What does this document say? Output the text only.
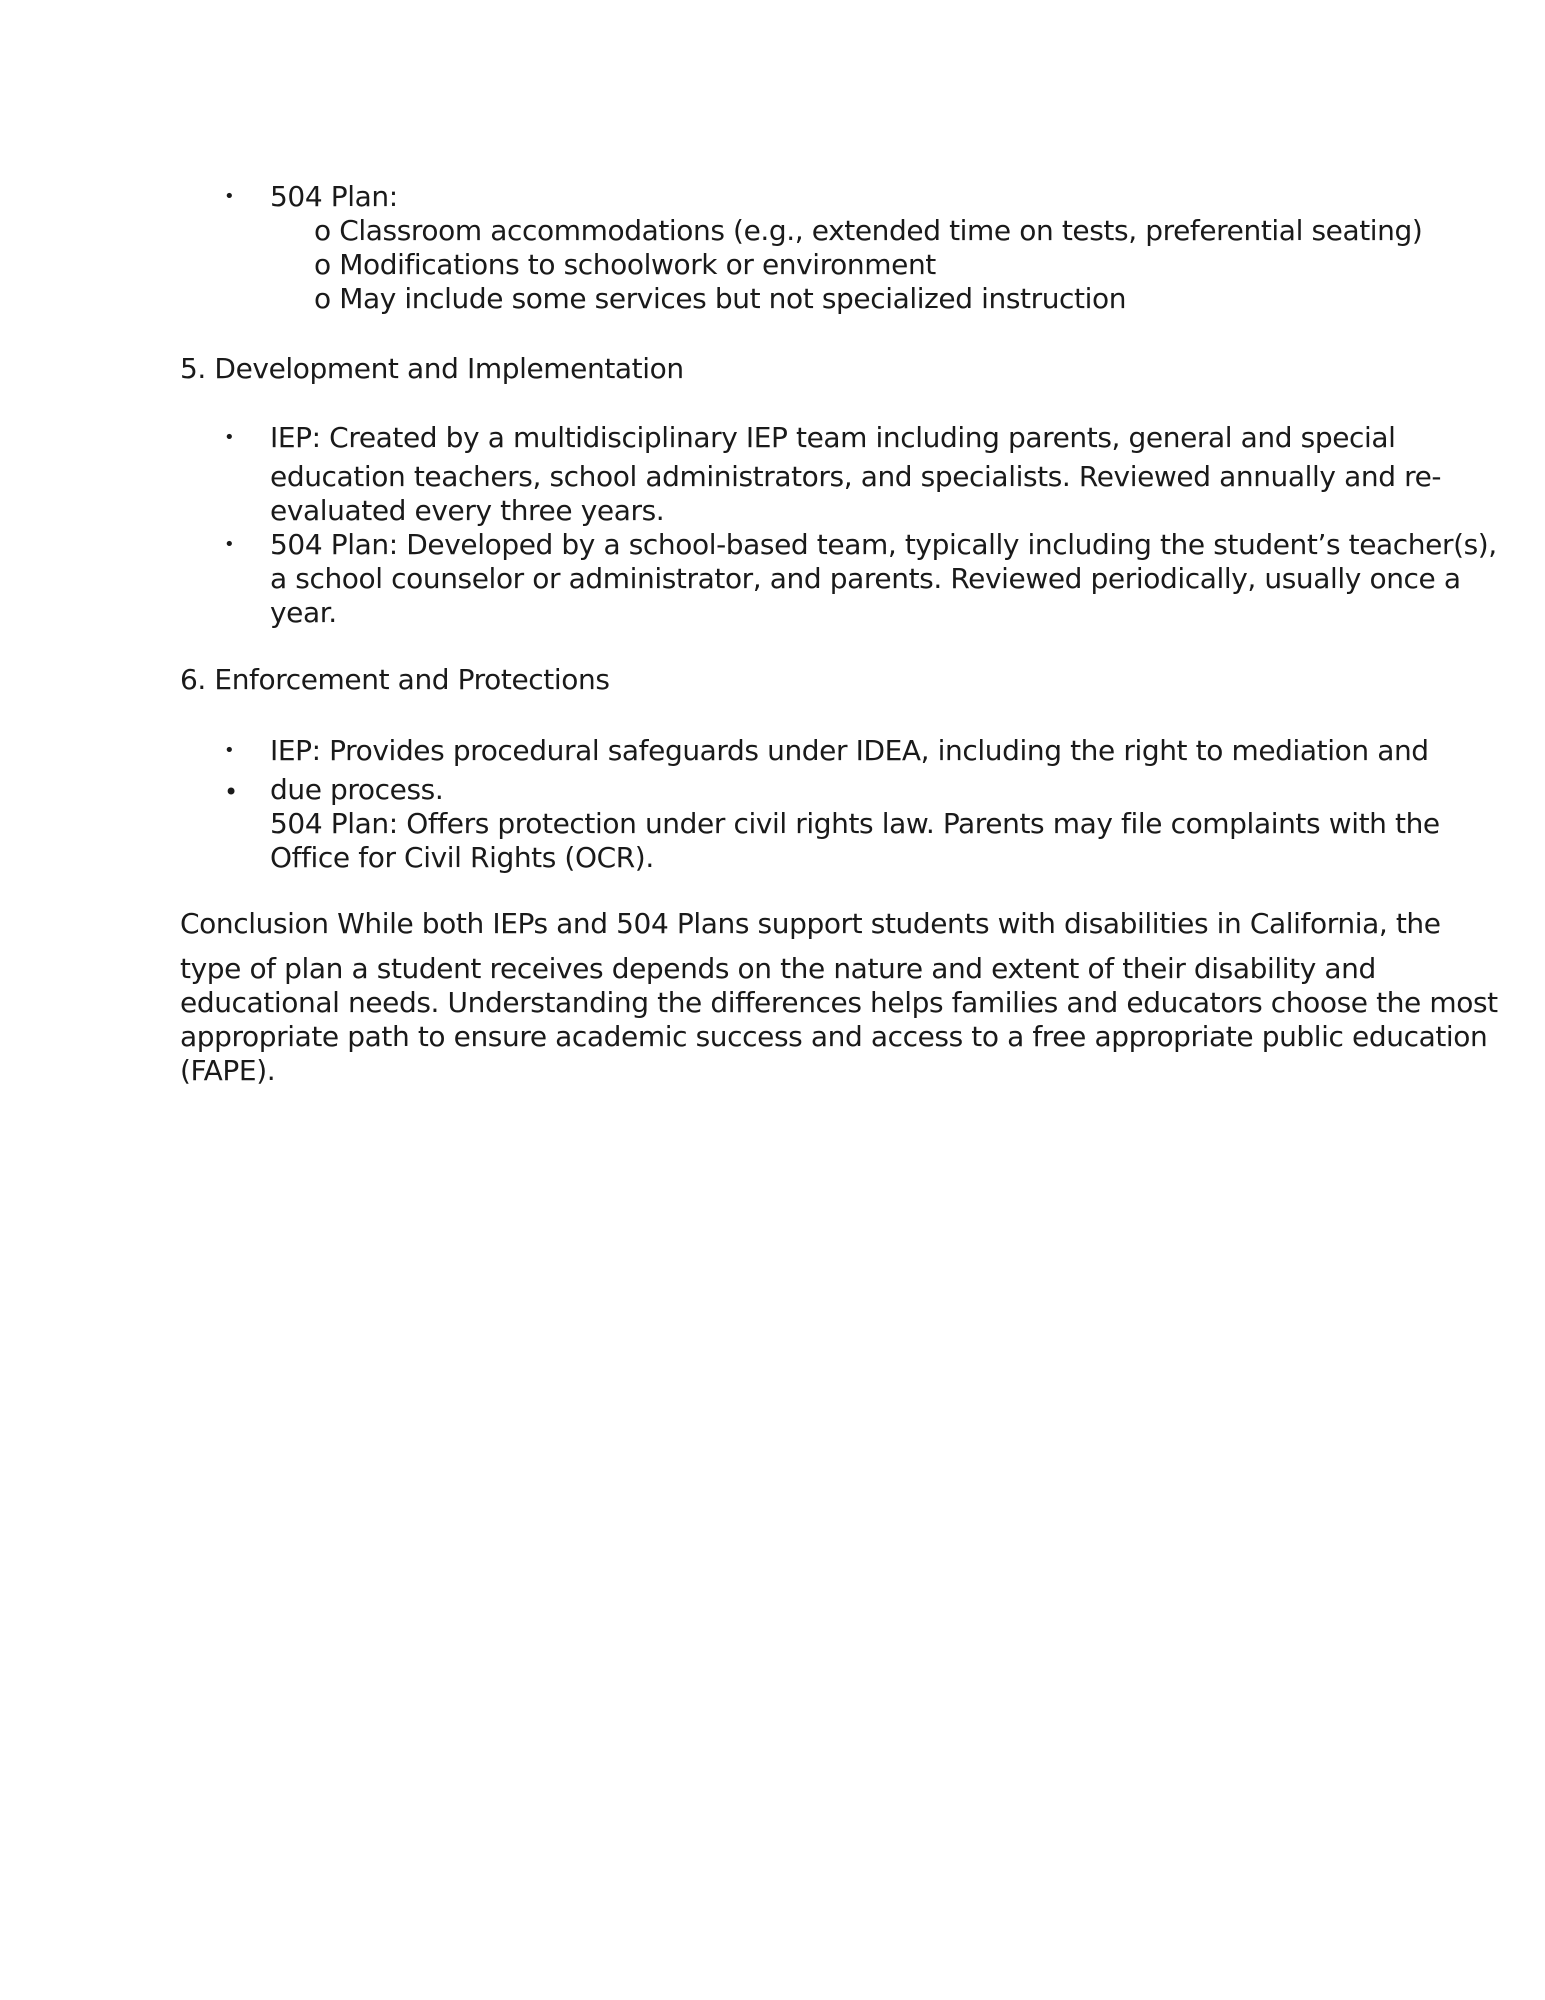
• 504 Plan:
o Classroom accommodations (e.g., extended time on tests, preferential seating)
o Modifications to schoolwork or environment
o May include some services but not specialized instruction
5. Development and Implementation
• IEP: Created by a multidisciplinary IEP team including parents, general and special
education teachers, school administrators, and specialists. Reviewed annually and re-
evaluated every three years.
• 504 Plan: Developed by a school-based team, typically including the student’s teacher(s),
a school counselor or administrator, and parents. Reviewed periodically, usually once a
year.
6. Enforcement and Protections
• IEP: Provides procedural safeguards under IDEA, including the right to mediation and
• due process.
504 Plan: Offers protection under civil rights law. Parents may file complaints with the
Office for Civil Rights (OCR).
Conclusion While both IEPs and 504 Plans support students with disabilities in California, the
type of plan a student receives depends on the nature and extent of their disability and
educational needs. Understanding the differences helps families and educators choose the most
appropriate path to ensure academic success and access to a free appropriate public education
(FAPE).
